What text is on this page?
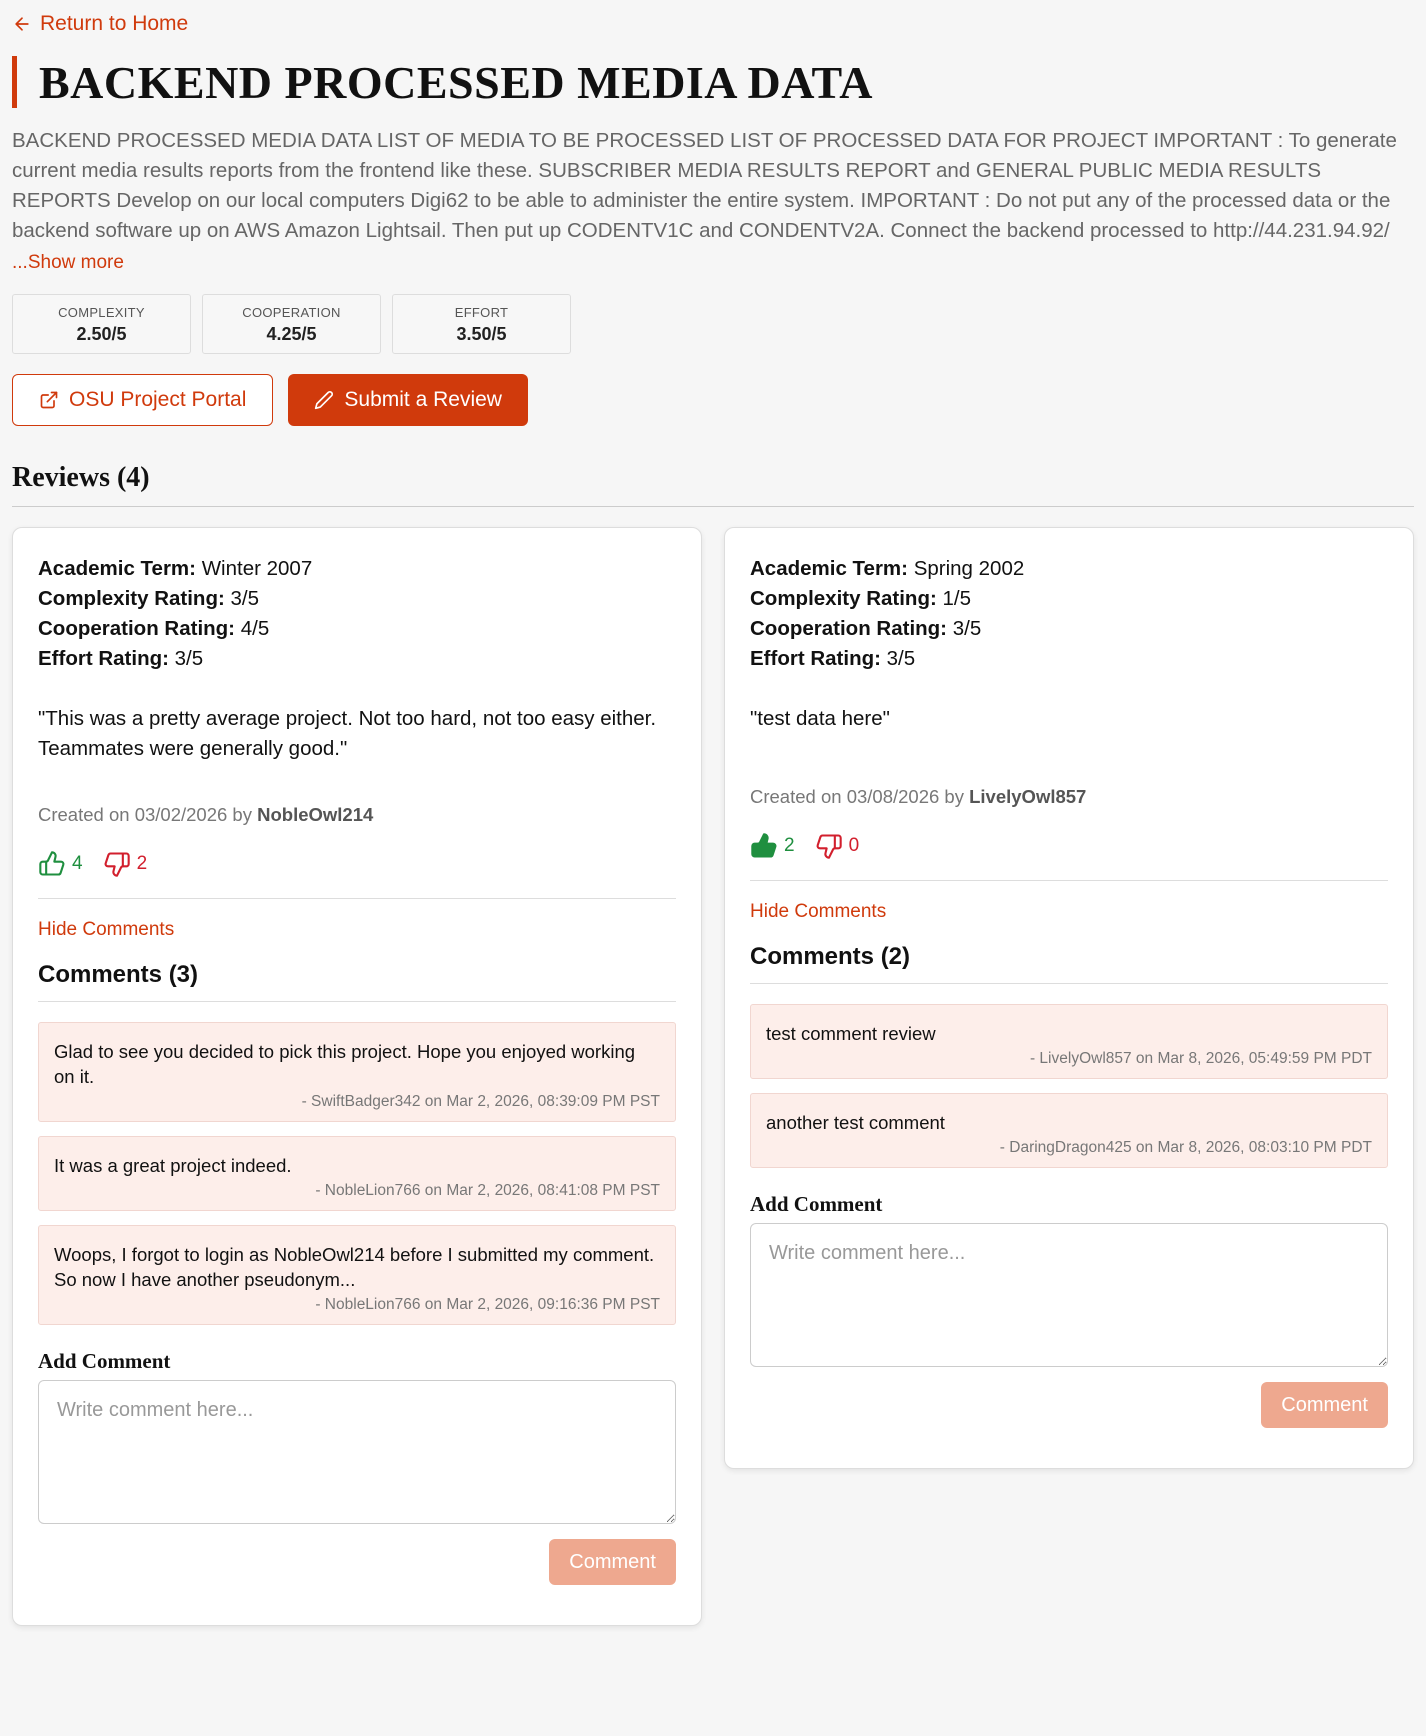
Return to Home
BACKEND PROCESSED MEDIA DATA
BACKEND PROCESSED MEDIA DATA LIST OF MEDIA TO BE PROCESSED LIST OF PROCESSED DATA FOR PROJECT IMPORTANT : To generate current media results reports from the frontend like these. SUBSCRIBER MEDIA RESULTS REPORT and GENERAL PUBLIC MEDIA RESULTS REPORTS Develop on our local computers Digi62 to be able to administer the entire system. IMPORTANT : Do not put any of the processed data or the backend software up on AWS Amazon Lightsail. Then put up CODENTV1C and CONDENTV2A. Connect the backend processed to http://44.231.94.92/
...Show more
COMPLEXITY
2.50/5
COOPERATION
4.25/5
EFFORT
3.50/5
OSU Project Portal	Submit a Review
Reviews (4)
Academic Term: Winter 2007
Complexity Rating: 3/5
Cooperation Rating: 4/5
Effort Rating: 3/5
"This was a pretty average project. Not too hard, not too easy either. Teammates were generally good."
Created on 03/02/2026 by NobleOwl214
4	2
Hide Comments
Comments (3)
Glad to see you decided to pick this project. Hope you enjoyed working on it.
- SwiftBadger342 on Mar 2, 2026, 08:39:09 PM PST
It was a great project indeed.
- NobleLion766 on Mar 2, 2026, 08:41:08 PM PST
Woops, I forgot to login as NobleOwl214 before I submitted my comment. So now I have another pseudonym...
- NobleLion766 on Mar 2, 2026, 09:16:36 PM PST
Add Comment
Write comment here...
Comment
Academic Term: Spring 2002
Complexity Rating: 1/5
Cooperation Rating: 3/5
Effort Rating: 3/5
"test data here"
Created on 03/08/2026 by LivelyOwl857
2	0
Hide Comments
Comments (2)
test comment review
- LivelyOwl857 on Mar 8, 2026, 05:49:59 PM PDT
another test comment
- DaringDragon425 on Mar 8, 2026, 08:03:10 PM PDT
Add Comment
Write comment here...
Comment
